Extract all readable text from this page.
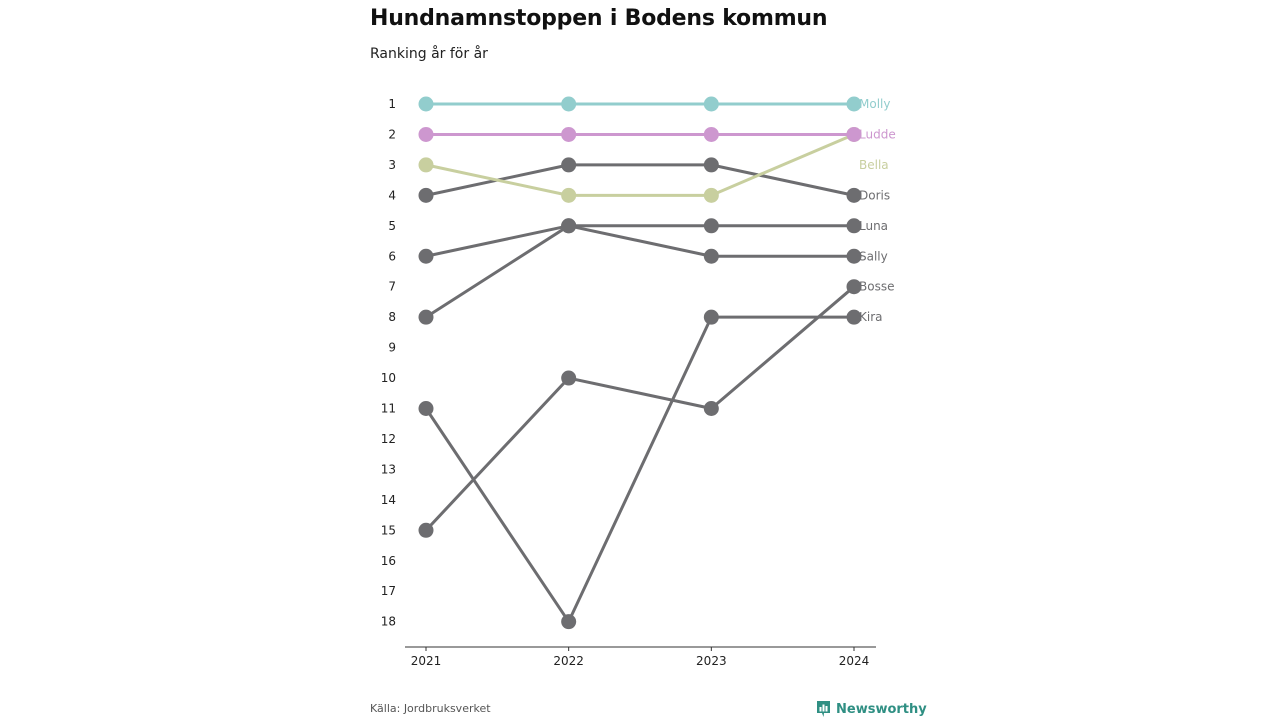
Hundnamnstoppen i Bodens kommun

Ranking år för år

1
2
3
4
5
6
7
8
9
10
11
12
13
14
15
16
17
18
2021	2022	2023	2024
Kira
Bosse
Sally
Luna
Doris
Bella
Ludde
Molly
Källa: Jordbruksverket	Newsworthy
